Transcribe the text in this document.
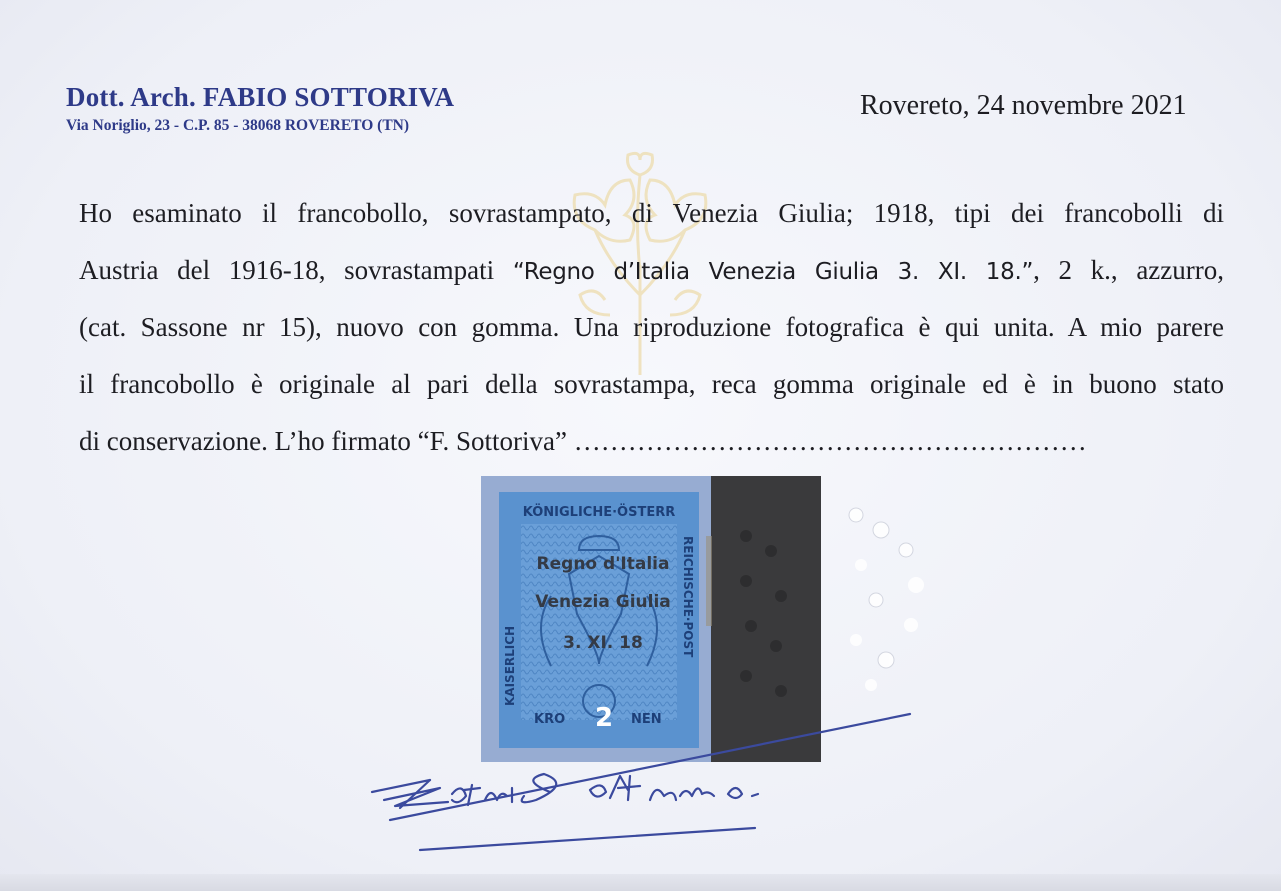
Dott. Arch. FABIO SOTTORIVA
Via Noriglio, 23 - C.P. 85 - 38068 ROVERETO (TN)
Rovereto, 24 novembre 2021
Ho esaminato il francobollo, sovrastampato, di Venezia Giulia; 1918, tipi dei francobolli di
Austria del 1916-18, sovrastampati “Regno d’Italia Venezia Giulia 3. XI. 18.”, 2 k., azzurro,
(cat. Sassone nr 15), nuovo con gomma. Una riproduzione fotografica è qui unita. A mio parere
il francobollo è originale al pari della sovrastampa, reca gomma originale ed è in buono stato
di conservazione. L’ho firmato “F. Sottoriva” …………………………………………………
KÖNIGLICHE·ÖSTERR
KAISERLICH
REICHISCHE·POST
Regno d'Italia
Venezia Giulia
3. XI. 18
KRO 2 NEN
